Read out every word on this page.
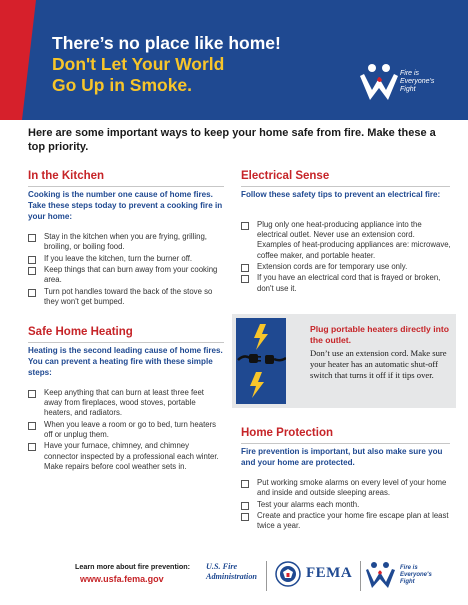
There’s no place like home!
Don't Let Your World
Go Up in Smoke.
Fire is Everyone's Fight
Here are some important ways to keep your home safe from fire. Make these a top priority.
In the Kitchen
Cooking is the number one cause of home fires. Take these steps today to prevent a cooking fire in your home:
Stay in the kitchen when you are frying, grilling, broiling, or boiling food.
If you leave the kitchen, turn the burner off.
Keep things that can burn away from your cooking area.
Turn pot handles toward the back of the stove so they won't get bumped.
Electrical Sense
Follow these safety tips to prevent an electrical fire:
Plug only one heat-producing appliance into the electrical outlet. Never use an extension cord. Examples of heat-producing appliances are: microwave, coffee maker, and portable heater.
Extension cords are for temporary use only.
If you have an electrical cord that is frayed or broken, don't use it.
Safe Home Heating
Heating is the second leading cause of home fires. You can prevent a heating fire with these simple steps:
Keep anything that can burn at least three feet away from fireplaces, wood stoves, portable heaters, and radiators.
When you leave a room or go to bed, turn heaters off or unplug them.
Have your furnace, chimney, and chimney connector inspected by a professional each winter. Make repairs before cool weather sets in.
Plug portable heaters directly into the outlet.
Don’t use an extension cord. Make sure your heater has an automatic shut-off switch that turns it off if it tips over.
Home Protection
Fire prevention is important, but also make sure you and your home are protected.
Put working smoke alarms on every level of your home and inside and outside sleeping areas.
Test your alarms each month.
Create and practice your home fire escape plan at least twice a year.
Learn more about fire prevention:
www.usfa.fema.gov
U.S. Fire
Administration	FEMA	Fire is Everyone's Fight
